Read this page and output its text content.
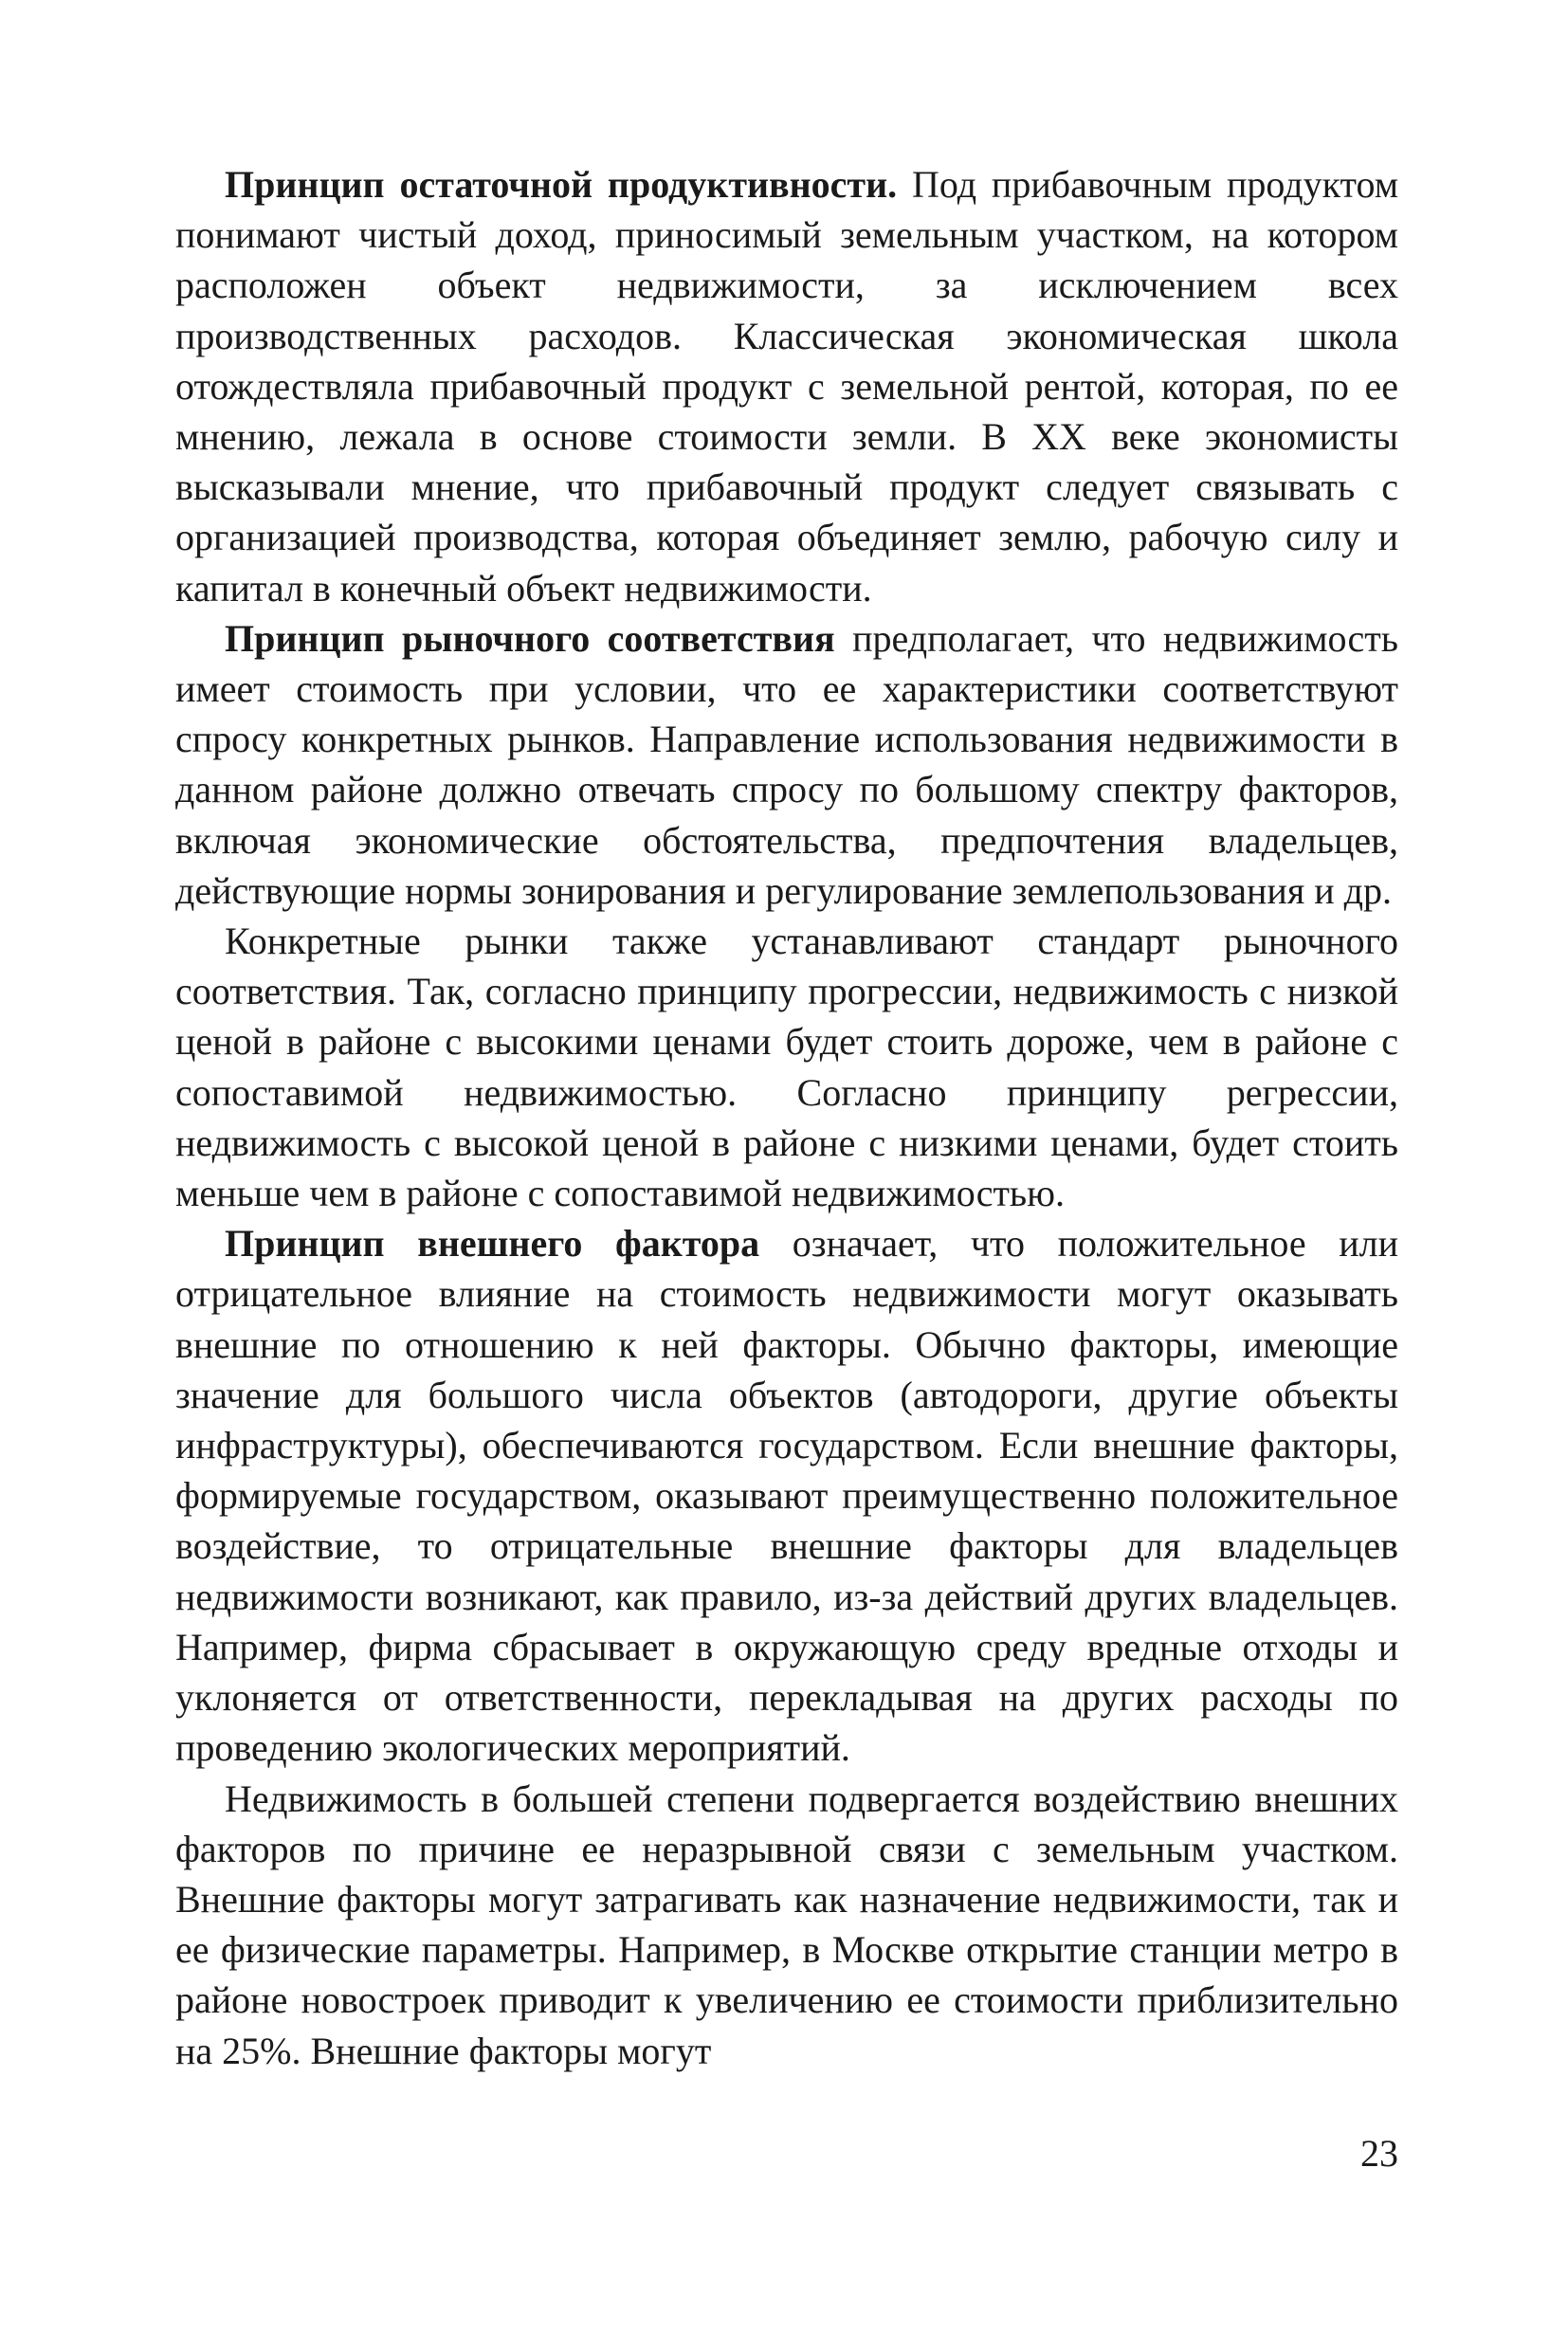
Принцип остаточной продуктивности. Под прибавочным продуктом понимают чистый доход, приносимый земельным участком, на котором расположен объект недвижимости, за исключением всех производственных расходов. Классическая экономическая школа отождествляла прибавочный продукт с земельной рентой, которая, по ее мнению, лежала в основе стоимости земли. В XX веке экономисты высказывали мнение, что прибавочный продукт следует связывать с организацией производства, которая объединяет землю, рабочую силу и капитал в конечный объект недвижимости.

Принцип рыночного соответствия предполагает, что недвижимость имеет стоимость при условии, что ее характеристики соответствуют спросу конкретных рынков. Направление использования недвижимости в данном районе должно отвечать спросу по большому спектру факторов, включая экономические обстоятельства, предпочтения владельцев, действующие нормы зонирования и регулирование землепользования и др.

Конкретные рынки также устанавливают стандарт рыночного соответствия. Так, согласно принципу прогрессии, недвижимость с низкой ценой в районе с высокими ценами будет стоить дороже, чем в районе с сопоставимой недвижимостью. Согласно принципу регрессии, недвижимость с высокой ценой в районе с низкими ценами, будет стоить меньше чем в районе с сопоставимой недвижимостью.

Принцип внешнего фактора означает, что положительное или отрицательное влияние на стоимость недвижимости могут оказывать внешние по отношению к ней факторы. Обычно факторы, имеющие значение для большого числа объектов (автодороги, другие объекты инфраструктуры), обеспечиваются государством. Если внешние факторы, формируемые государством, оказывают преимущественно положительное воздействие, то отрицательные внешние факторы для владельцев недвижимости возникают, как правило, из-за действий других владельцев. Например, фирма сбрасывает в окружающую среду вредные отходы и уклоняется от ответственности, перекладывая на других расходы по проведению экологических мероприятий.

Недвижимость в большей степени подвергается воздействию внешних факторов по причине ее неразрывной связи с земельным участком. Внешние факторы могут затрагивать как назначение недвижимости, так и ее физические параметры. Например, в Москве открытие станции метро в районе новостроек приводит к увеличению ее стоимости приблизительно на 25%. Внешние факторы могут

23
